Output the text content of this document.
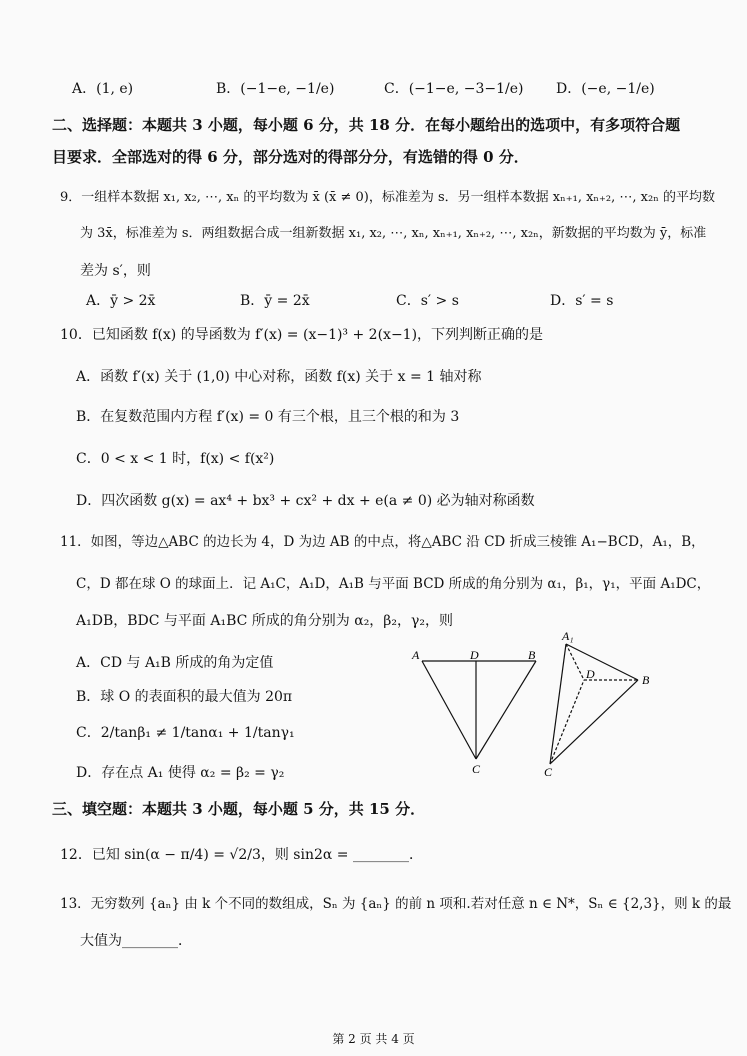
A．(1, e)	B．(−1−e, −1/e)	C．(−1−e, −3−1/e) D．(−e, −1/e)
二、选择题：本题共 3 小题，每小题 6 分，共 18 分．在每小题给出的选项中，有多项符合题
目要求．全部选对的得 6 分，部分选对的得部分分，有选错的得 0 分．
9．一组样本数据 x₁, x₂, ⋯, xₙ 的平均数为 x̄ (x̄ ≠ 0)，标准差为 s．另一组样本数据 xₙ₊₁, xₙ₊₂, ⋯, x₂ₙ 的平均数
为 3x̄，标准差为 s．两组数据合成一组新数据 x₁, x₂, ⋯, xₙ, xₙ₊₁, xₙ₊₂, ⋯, x₂ₙ，新数据的平均数为 ȳ，标准
差为 s′，则
A．ȳ > 2x̄	B．ȳ = 2x̄	C．s′ > s	D．s′ = s
10．已知函数 f(x) 的导函数为 f′(x) = (x−1)³ + 2(x−1)，下列判断正确的是
A．函数 f′(x) 关于 (1,0) 中心对称，函数 f(x) 关于 x = 1 轴对称
B．在复数范围内方程 f′(x) = 0 有三个根，且三个根的和为 3
C．0 < x < 1 时，f(x) < f(x²)
D．四次函数 g(x) = ax⁴ + bx³ + cx² + dx + e(a ≠ 0) 必为轴对称函数
11．如图，等边△ABC 的边长为 4，D 为边 AB 的中点，将△ABC 沿 CD 折成三棱锥 A₁−BCD，A₁，B，
C，D 都在球 O 的球面上．记 A₁C，A₁D，A₁B 与平面 BCD 所成的角分别为 α₁，β₁，γ₁，平面 A₁DC，
A₁DB，BDC 与平面 A₁BC 所成的角分别为 α₂，β₂，γ₂，则
A．CD 与 A₁B 所成的角为定值
B．球 O 的表面积的最大值为 20π
C．2/tanβ₁ ≠ 1/tanα₁ + 1/tanγ₁
D．存在点 A₁ 使得 α₂ = β₂ = γ₂
A	D	B
C
A₁
D	B
C
三、填空题：本题共 3 小题，每小题 5 分，共 15 分．
12．已知 sin(α − π/4) = √2/3，则 sin2α = ________．
13．无穷数列 {aₙ} 由 k 个不同的数组成，Sₙ 为 {aₙ} 的前 n 项和.若对任意 n ∈ N*，Sₙ ∈ {2,3}，则 k 的最
大值为________．
第 2 页 共 4 页
